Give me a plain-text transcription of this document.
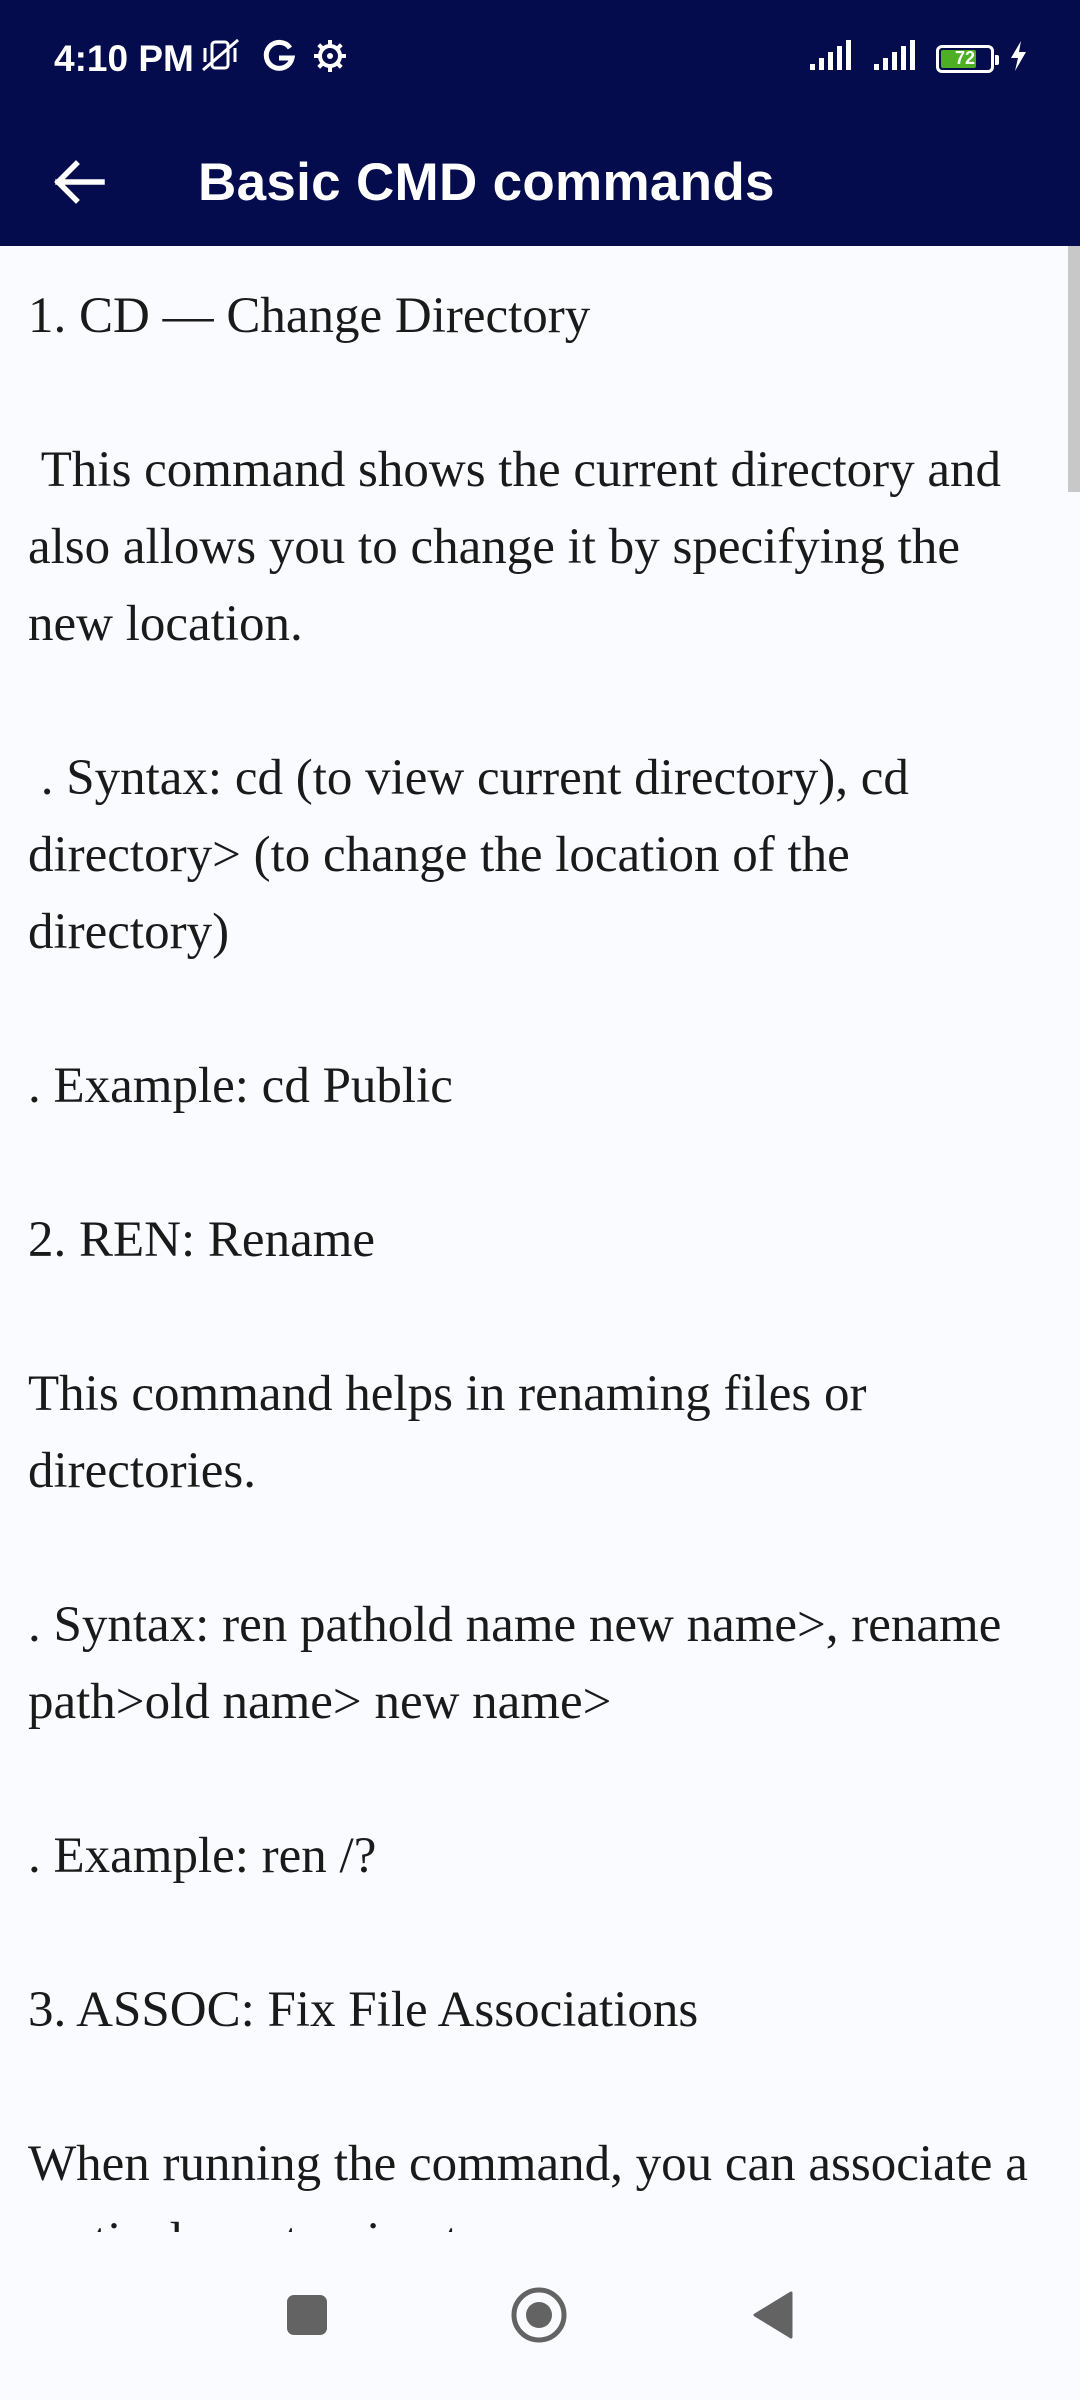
4:10 PM	72
Basic CMD commands

1. CD — Change Directory

This command shows the current directory and also allows you to change it by specifying the new location.

. Syntax: cd (to view current directory), cd directory> (to change the location of the directory)

. Example: cd Public

2. REN: Rename

This command helps in renaming files or directories.

. Syntax: ren pathold name new name>, rename path>old name> new name>

. Example: ren /?

3. ASSOC: Fix File Associations

When running the command, you can associate a
